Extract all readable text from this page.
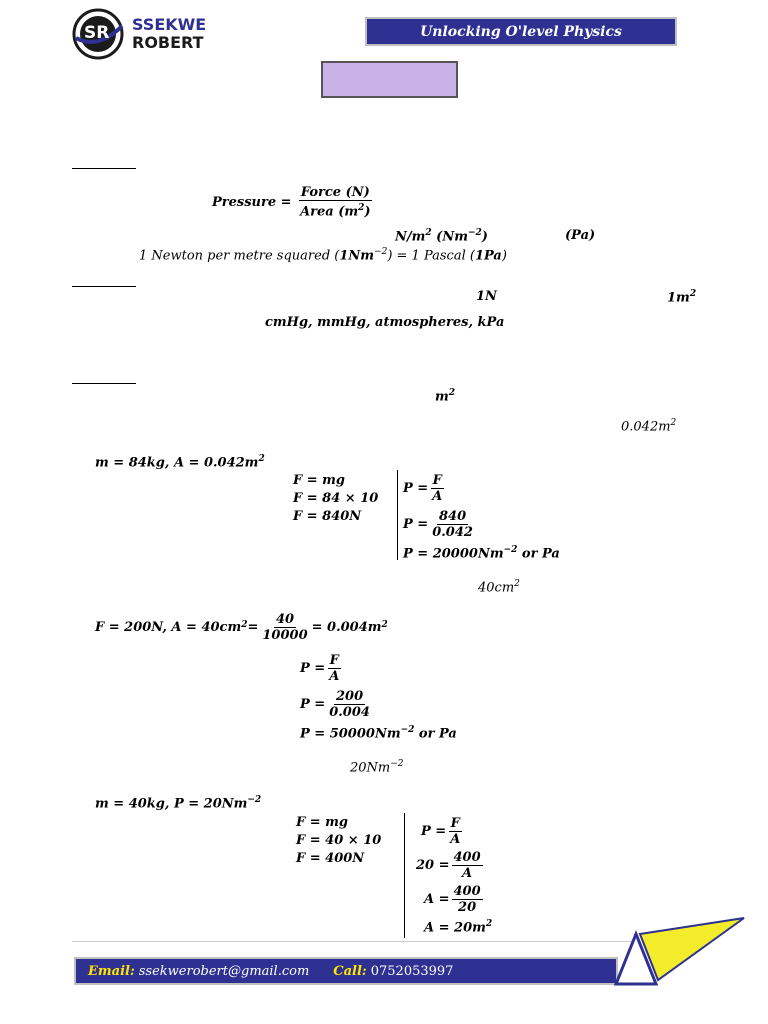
SR SSEKWE
ROBERT
Unlocking O'level Physics
Pressure = $\frac{\text{Force (N)}}{Area (m^2)}$
$N/m^2$ $(Nm^{-2})$	(Pa)
1 Newton per metre squared $(1Nm^{-2}) = 1$ Pascal (1Pa)
1N	$1m^2$
cmHg, mmHg, atmospheres, kPa
$m^2$
$0.042m^2$
m = 84kg, $A = 0.042m^2$
F = mg
F = 84 × 10
F = 840N
$P = \frac{F}{A}$
$P = \frac{840}{0.042}$
$P = 20000Nm^{-2}$ or Pa
$40cm^2$
F = 200N, A = 40cm $2 = \frac{40}{10000} = 0.004m$ 2
$P = \frac{F}{A}$
$P = \frac{200}{0.004}$
$P = 50000Nm^{-2}$ or Pa
$20Nm^{-2}$
m = 40kg, $P = 20Nm^{-2}$
F = mg
F = 40 × 10
F = 400N
$P = \frac{F}{A}$
$20 = \frac{400}{A}$
$A = \frac{400}{20}$
$A = 20m^2$
Email: ssekwerobert@gmail.com Call: 0752053997
